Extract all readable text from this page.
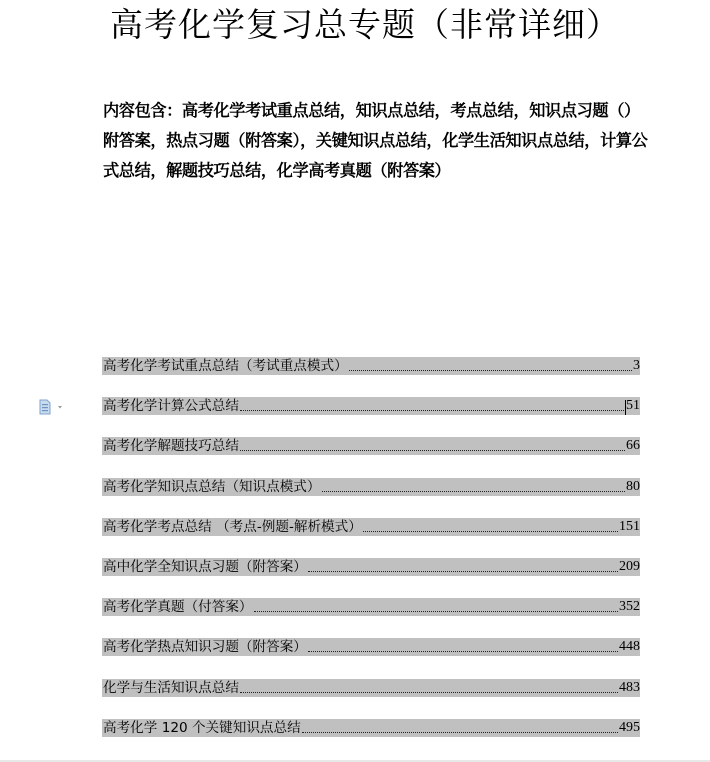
高考化学复习总专题（非常详细）
内容包含：高考化学考试重点总结，知识点总结，考点总结，知识点习题（）附答案，热点习题（附答案），关键知识点总结，化学生活知识点总结，计算公式总结，解题技巧总结，化学高考真题（附答案）
高考化学考试重点总结（考试重点模式）	3
高考化学计算公式总结	51
高考化学解题技巧总结	66
高考化学知识点总结（知识点模式）	80
高考化学考点总结 （考点-例题-解析模式）	151
高中化学全知识点习题（附答案）	209
高考化学真题（付答案）	352
高考化学热点知识习题（附答案）	448
化学与生活知识点总结	483
高考化学 120 个关键知识点总结	495
